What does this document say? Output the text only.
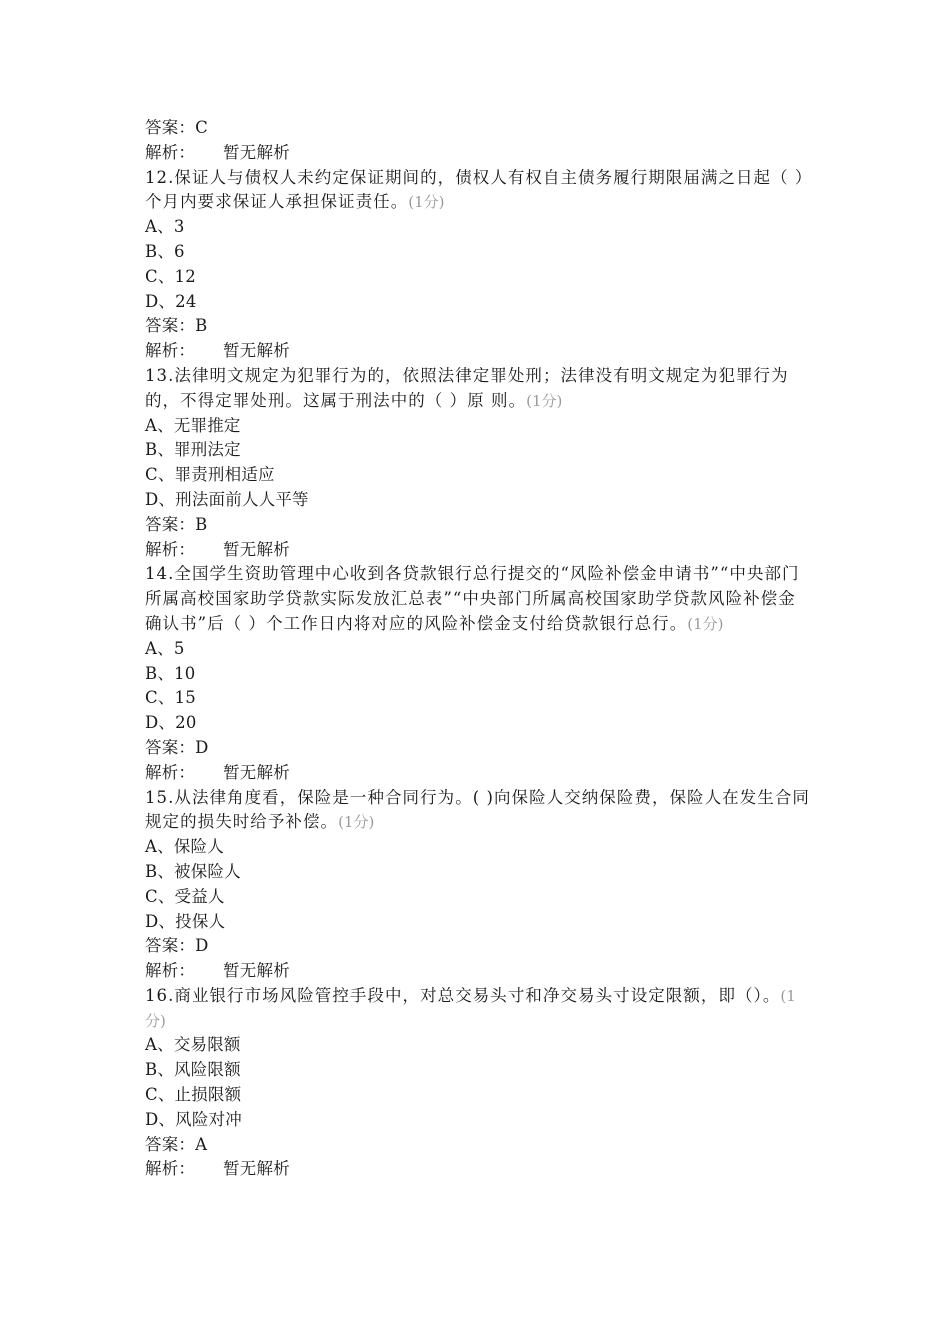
答案：C
解析： 暂无解析
12.保证人与债权人未约定保证期间的，债权人有权自主债务履行期限届满之日起（ ）个月内要求保证人承担保证责任。(1分)
A、3
B、6
C、12
D、24
答案：B
解析： 暂无解析
13.法律明文规定为犯罪行为的，依照法律定罪处刑；法律没有明文规定为犯罪行为的，不得定罪处刑。这属于刑法中的（ ）原 则。(1分)
A、无罪推定
B、罪刑法定
C、罪责刑相适应
D、刑法面前人人平等
答案：B
解析： 暂无解析
14.全国学生资助管理中心收到各贷款银行总行提交的“风险补偿金申请书”“中央部门所属高校国家助学贷款实际发放汇总表”“中央部门所属高校国家助学贷款风险补偿金确认书”后（ ）个工作日内将对应的风险补偿金支付给贷款银行总行。(1分)
A、5
B、10
C、15
D、20
答案：D
解析： 暂无解析
15.从法律角度看，保险是一种合同行为。( )向保险人交纳保险费，保险人在发生合同规定的损失时给予补偿。(1分)
A、保险人
B、被保险人
C、受益人
D、投保人
答案：D
解析： 暂无解析
16.商业银行市场风险管控手段中，对总交易头寸和净交易头寸设定限额，即（）。(1分)
A、交易限额
B、风险限额
C、止损限额
D、风险对冲
答案：A
解析： 暂无解析
